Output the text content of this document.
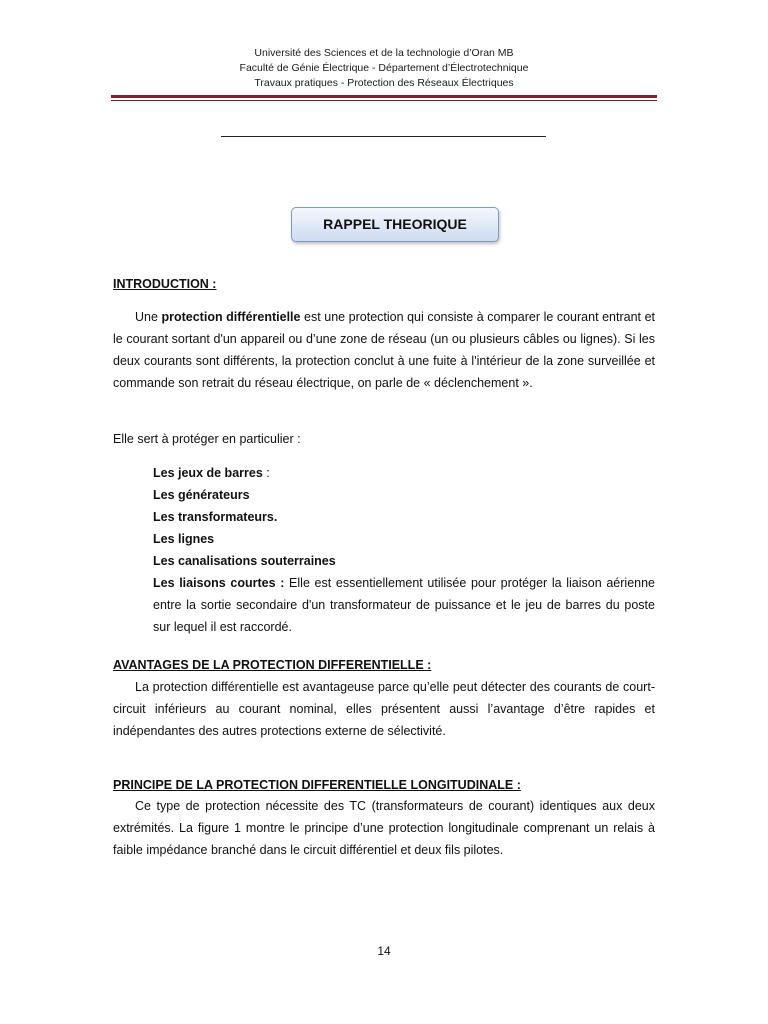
Université des Sciences et de la technologie d’Oran MB
Faculté de Génie Électrique - Département d’Électrotechnique
Travaux pratiques - Protection des Réseaux Électriques
RAPPEL THEORIQUE

INTRODUCTION :

Une protection différentielle est une protection qui consiste à comparer le courant entrant et le courant sortant d'un appareil ou d’une zone de réseau (un ou plusieurs câbles ou lignes). Si les deux courants sont différents, la protection conclut à une fuite à l'intérieur de la zone surveillée et commande son retrait du réseau électrique, on parle de « déclenchement ».

Elle sert à protéger en particulier :

Les jeux de barres :

Les générateurs

Les transformateurs.

Les lignes

Les canalisations souterraines

Les liaisons courtes : Elle est essentiellement utilisée pour protéger la liaison aérienne entre la sortie secondaire d'un transformateur de puissance et le jeu de barres du poste sur lequel il est raccordé.

AVANTAGES DE LA PROTECTION DIFFERENTIELLE :

La protection différentielle est avantageuse parce qu’elle peut détecter des courants de court-circuit inférieurs au courant nominal, elles présentent aussi l’avantage d’être rapides et indépendantes des autres protections externe de sélectivité.

PRINCIPE DE LA PROTECTION DIFFERENTIELLE LONGITUDINALE :

Ce type de protection nécessite des TC (transformateurs de courant) identiques aux deux extrémités. La figure 1 montre le principe d’une protection longitudinale comprenant un relais à faible impédance branché dans le circuit différentiel et deux fils pilotes.

14
